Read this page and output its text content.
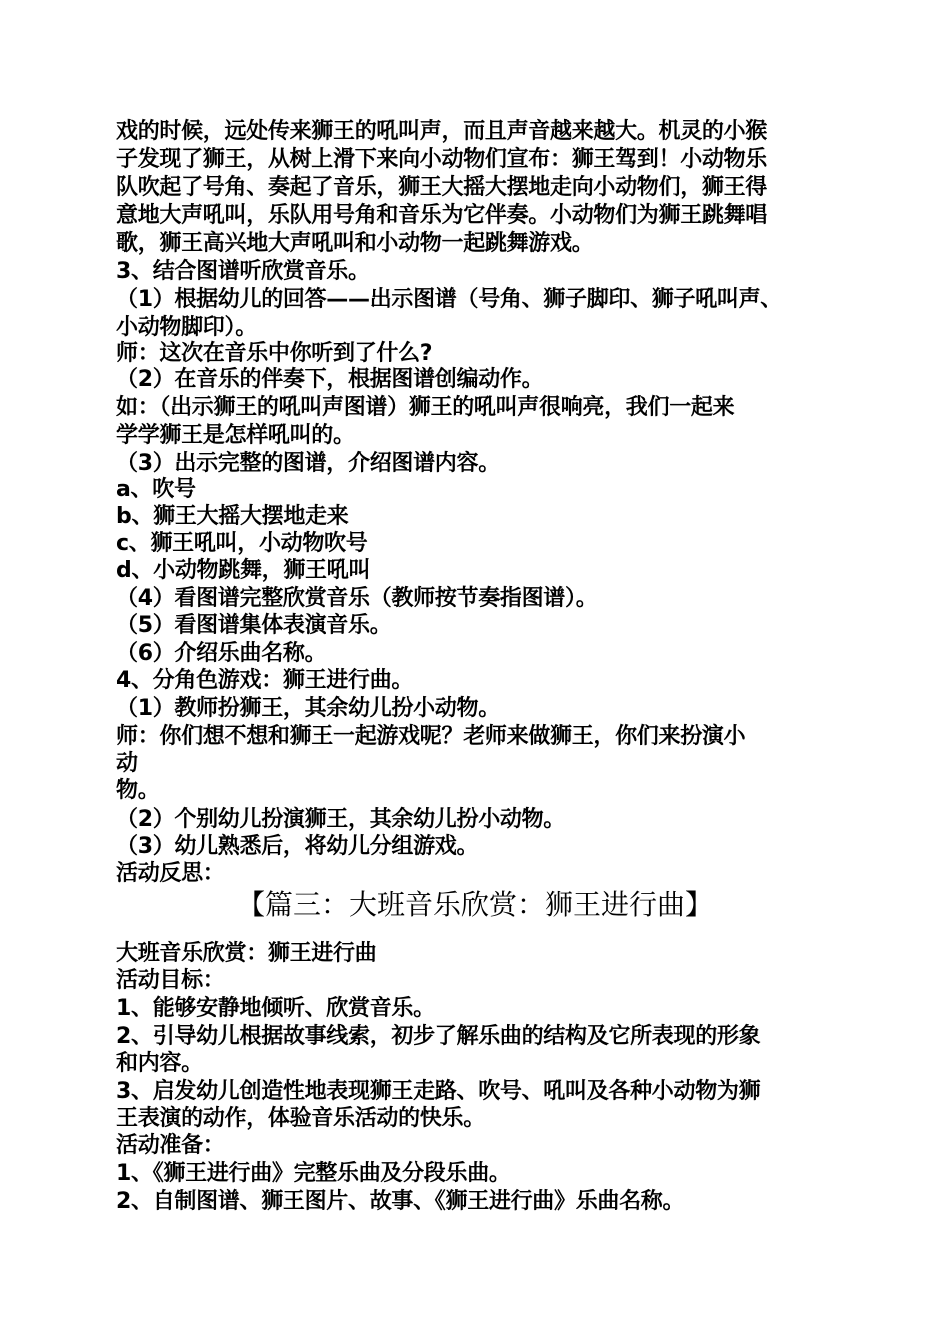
戏的时候，远处传来狮王的吼叫声，而且声音越来越大。机灵的小猴
子发现了狮王，从树上滑下来向小动物们宣布：狮王驾到！小动物乐
队吹起了号角、奏起了音乐，狮王大摇大摆地走向小动物们，狮王得
意地大声吼叫，乐队用号角和音乐为它伴奏。小动物们为狮王跳舞唱
歌，狮王高兴地大声吼叫和小动物一起跳舞游戏。
3、结合图谱听欣赏音乐。
（1）根据幼儿的回答——出示图谱（号角、狮子脚印、狮子吼叫声、
小动物脚印）。
师：这次在音乐中你听到了什么?
（2）在音乐的伴奏下，根据图谱创编动作。
如：（出示狮王的吼叫声图谱）狮王的吼叫声很响亮，我们一起来
学学狮王是怎样吼叫的。
（3）出示完整的图谱，介绍图谱内容。
a、吹号
b、狮王大摇大摆地走来
c、狮王吼叫，小动物吹号
d、小动物跳舞，狮王吼叫
（4）看图谱完整欣赏音乐（教师按节奏指图谱）。
（5）看图谱集体表演音乐。
（6）介绍乐曲名称。
4、分角色游戏：狮王进行曲。
（1）教师扮狮王，其余幼儿扮小动物。
师：你们想不想和狮王一起游戏呢？老师来做狮王，你们来扮演小
动
物。
（2）个别幼儿扮演狮王，其余幼儿扮小动物。
（3）幼儿熟悉后，将幼儿分组游戏。
活动反思：
【篇三：大班音乐欣赏：狮王进行曲】
大班音乐欣赏：狮王进行曲
活动目标：
1、能够安静地倾听、欣赏音乐。
2、引导幼儿根据故事线索，初步了解乐曲的结构及它所表现的形象
和内容。
3、启发幼儿创造性地表现狮王走路、吹号、吼叫及各种小动物为狮
王表演的动作，体验音乐活动的快乐。
活动准备：
1、《狮王进行曲》完整乐曲及分段乐曲。
2、自制图谱、狮王图片、故事、《狮王进行曲》乐曲名称。
